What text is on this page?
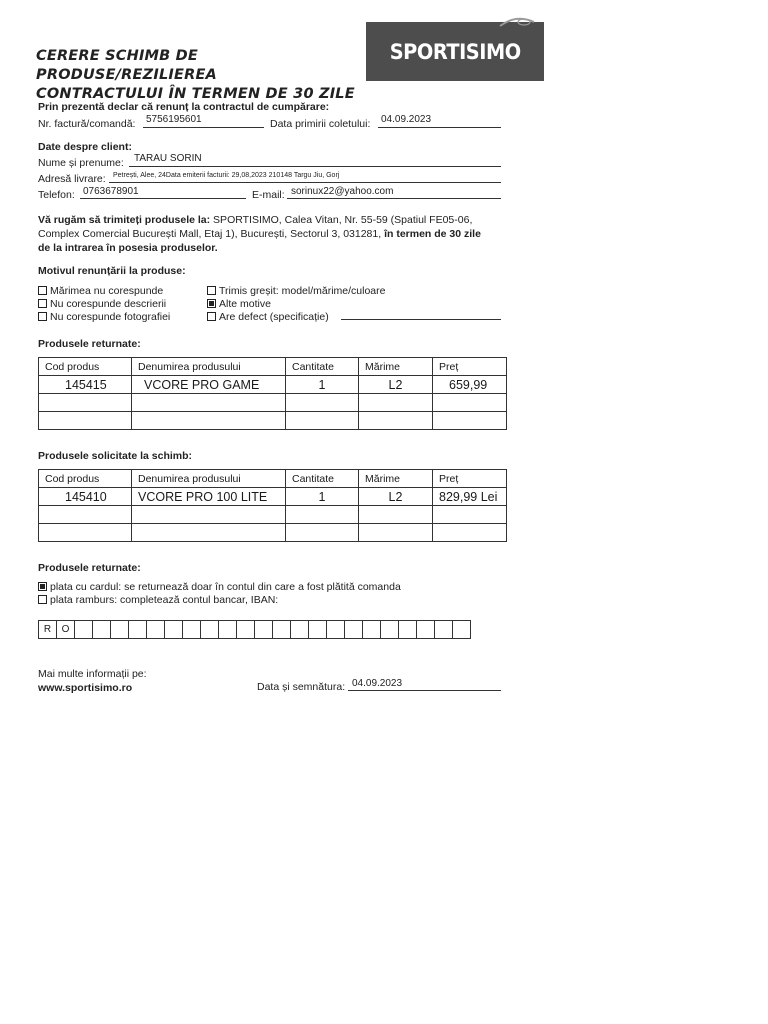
CERERE SCHIMB DE PRODUSE/REZILIEREA
CONTRACTULUI ÎN TERMEN DE 30 ZILE
SPORTISIMO
Prin prezentă declar că renunț la contractul de cumpărare:
Nr. factură/comandă: 5756195601	Data primirii coletului: 04.09.2023
Date despre client:
Nume și prenume: TARAU SORIN
Adresă livrare: Petrești, Alee, 24Data emiterii facturii: 29,08,2023 210148 Targu Jiu, Gorj
Telefon: 0763678901	E-mail: sorinux22@yahoo.com
Vă rugăm să trimiteți produsele la: SPORTISIMO, Calea Vitan, Nr. 55-59 (Spatiul FE05-06,
Complex Comercial București Mall, Etaj 1), București, Sectorul 3, 031281, în termen de 30 zile
de la intrarea în posesia produselor.
Motivul renunțării la produse:
Mărimea nu corespunde
Nu corespunde descrierii
Nu corespunde fotografiei
Trimis greșit: model/mărime/culoare
Alte motive
Are defect (specificație)
Produsele returnate:
Cod produs	Denumirea produsului	Cantitate	Mărime	Preț
145415	VCORE PRO GAME	1	L2	659,99

Produsele solicitate la schimb:
Cod produs	Denumirea produsului	Cantitate	Mărime	Preț
145410	VCORE PRO 100 LITE	1	L2	829,99 Lei

Produsele returnate:
plata cu cardul: se returnează doar în contul din care a fost plătită comanda
plata ramburs: completează contul bancar, IBAN:
R	O																						
Mai multe informații pe:
www.sportisimo.ro	Data și semnătura: 04.09.2023
